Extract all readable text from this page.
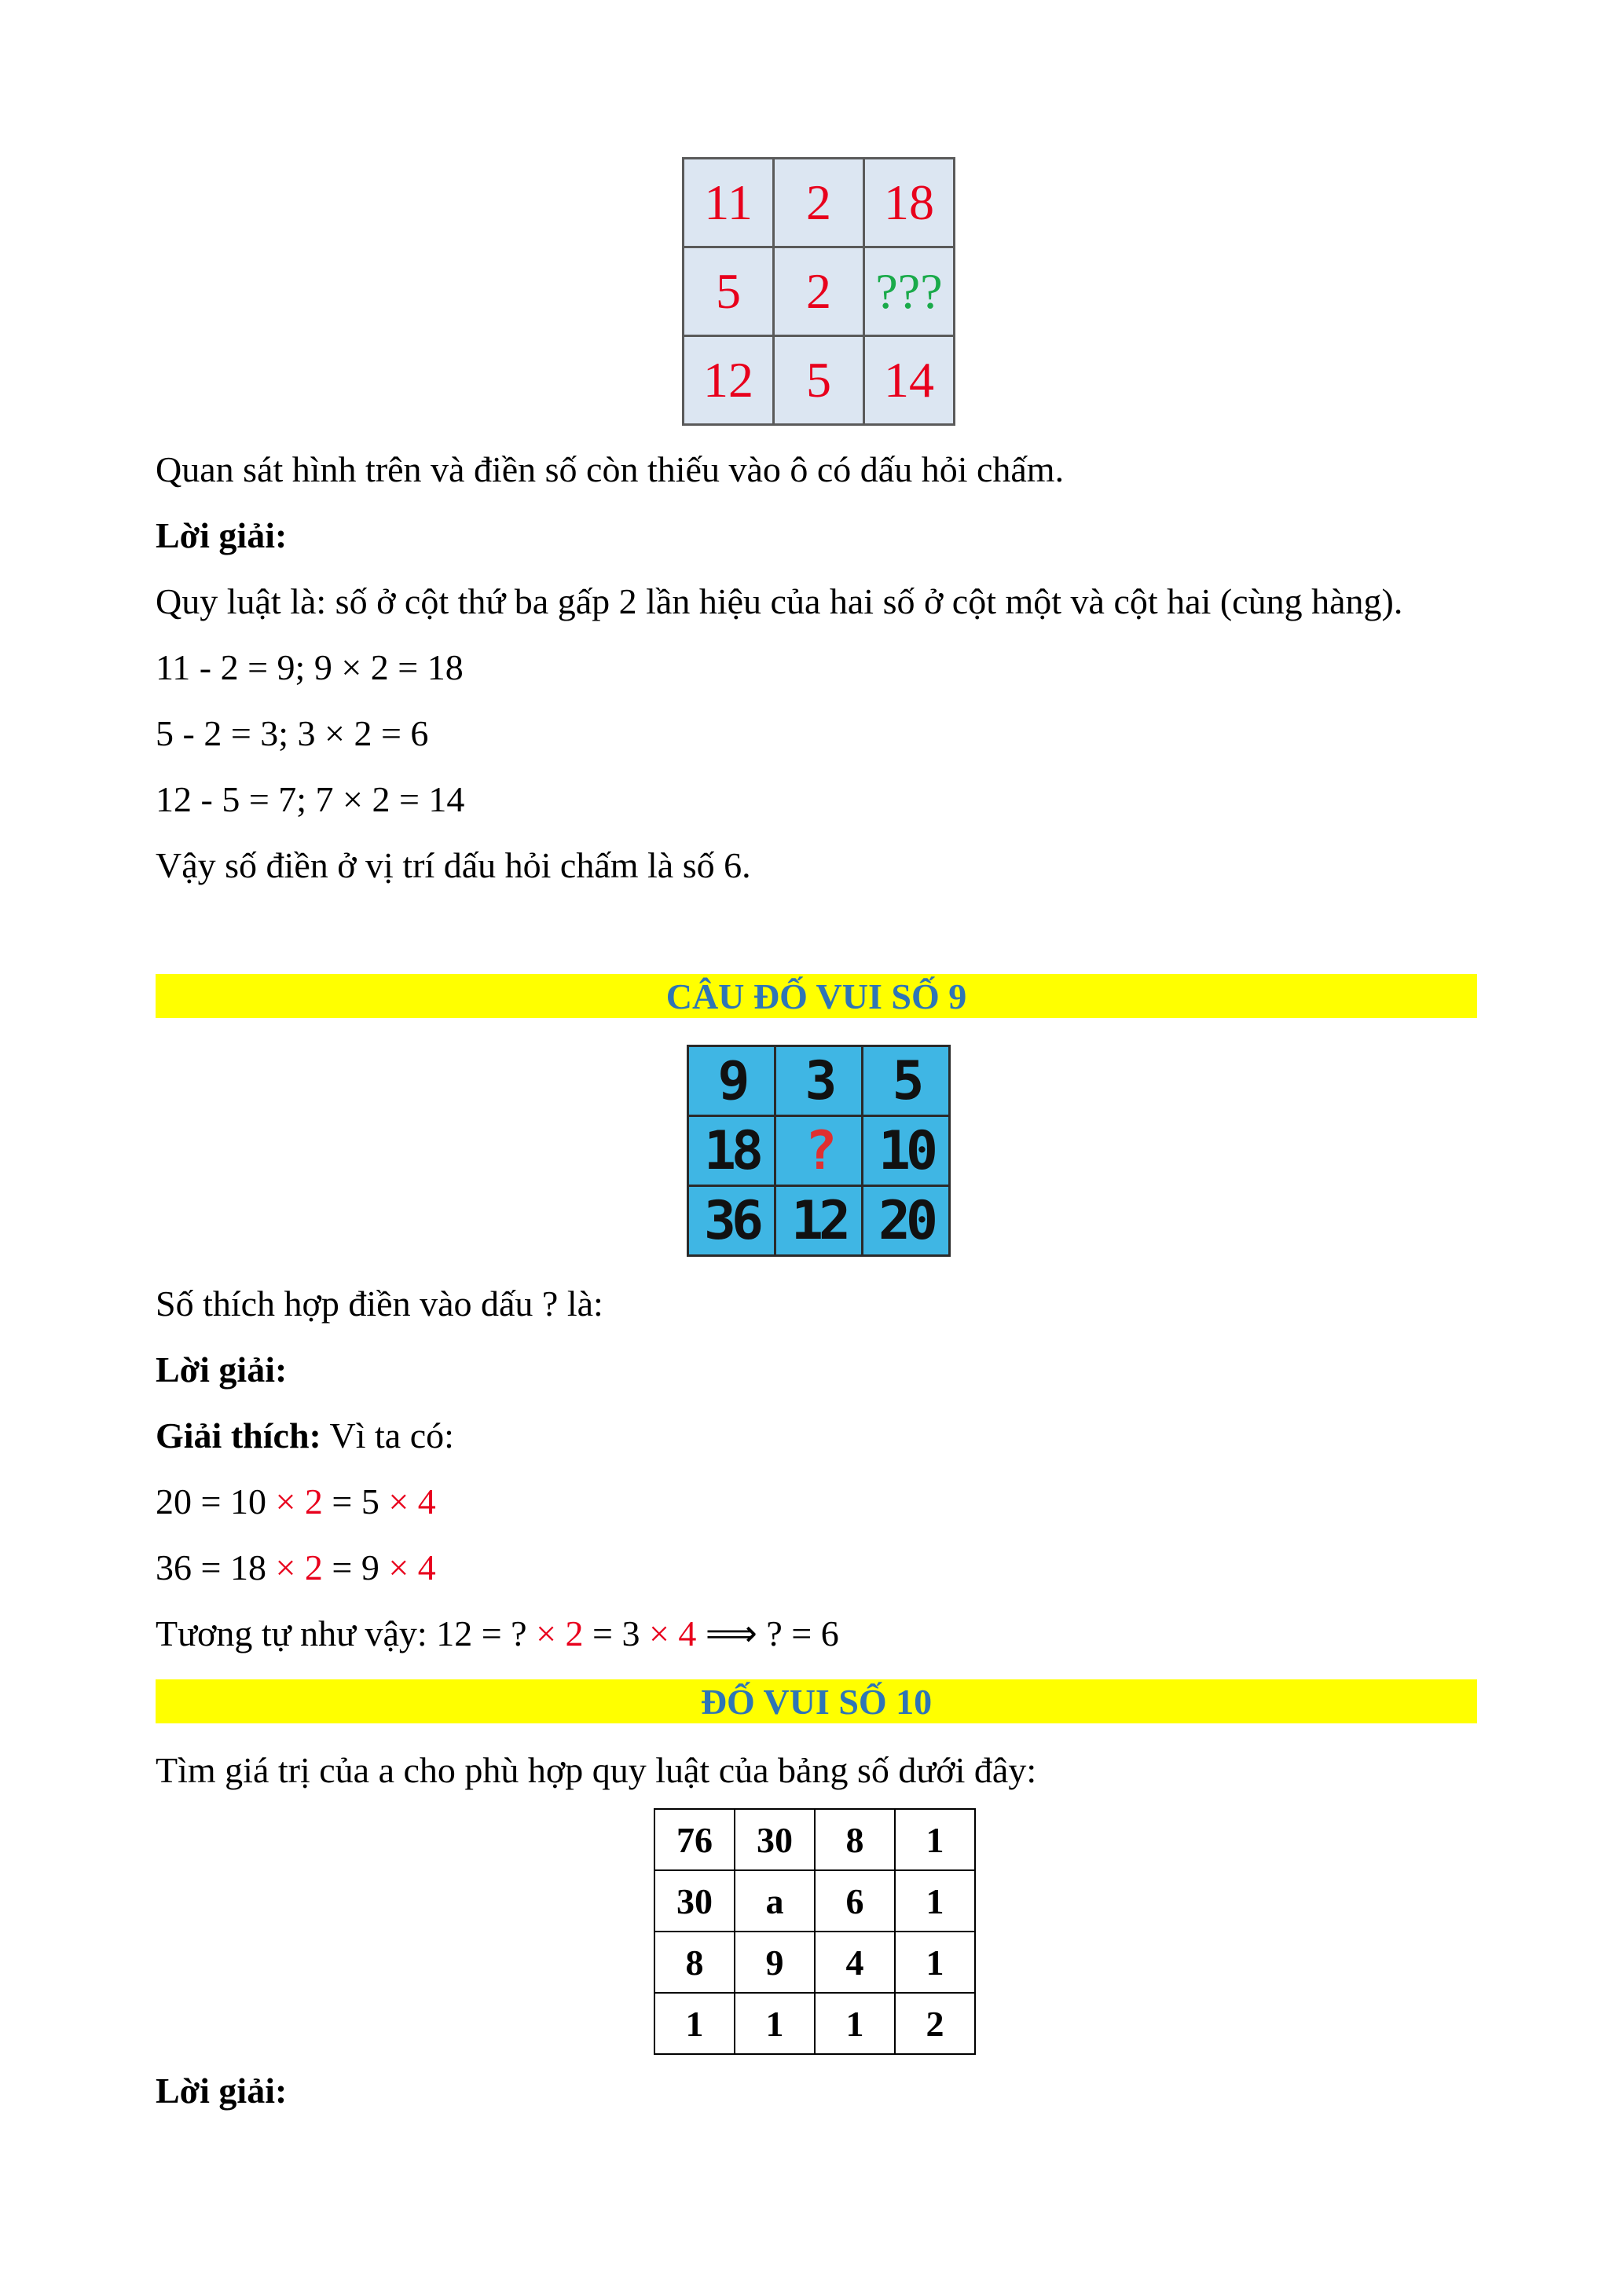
11	2	18
5	2	???
12	5	14

Quan sát hình trên và điền số còn thiếu vào ô có dấu hỏi chấm.

Lời giải:

Quy luật là: số ở cột thứ ba gấp 2 lần hiệu của hai số ở cột một và cột hai (cùng hàng).

11 - 2 = 9; 9 × 2 = 18

5 - 2 = 3; 3 × 2 = 6

12 - 5 = 7; 7 × 2 = 14

Vậy số điền ở vị trí dấu hỏi chấm là số 6.

CÂU ĐỐ VUI SỐ 9
9	3	5
18	?	10
36	12	20

Số thích hợp điền vào dấu ? là:

Lời giải:

Giải thích: Vì ta có:

20 = 10 × 2 = 5 × 4

36 = 18 × 2 = 9 × 4

Tương tự như vậy: 12 = ? × 2 = 3 × 4 ⟹ ? = 6

ĐỐ VUI SỐ 10
Tìm giá trị của a cho phù hợp quy luật của bảng số dưới đây:
76	30	8	1
30	a	6	1
8	9	4	1
1	1	1	2
Lời giải:
